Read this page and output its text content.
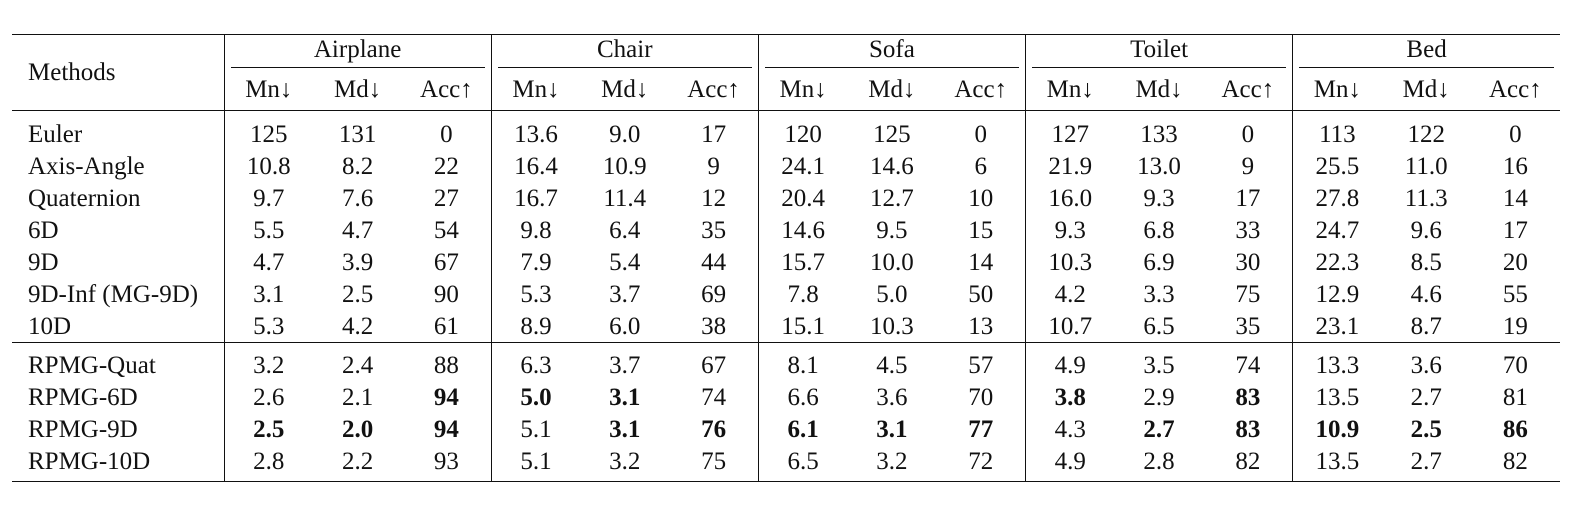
Methods	Airplane			Chair			Sofa			Toilet			Bed		

	Mn↓	Md↓	Acc↑	Mn↓	Md↓	Acc↑	Mn↓	Md↓	Acc↑	Mn↓	Md↓	Acc↑	Mn↓	Md↓	Acc↑
Euler	125	131	0	13.6	9.0	17	120	125	0	127	133	0	113	122	0
Axis-Angle	10.8	8.2	22	16.4	10.9	9	24.1	14.6	6	21.9	13.0	9	25.5	11.0	16
Quaternion	9.7	7.6	27	16.7	11.4	12	20.4	12.7	10	16.0	9.3	17	27.8	11.3	14
6D	5.5	4.7	54	9.8	6.4	35	14.6	9.5	15	9.3	6.8	33	24.7	9.6	17
9D	4.7	3.9	67	7.9	5.4	44	15.7	10.0	14	10.3	6.9	30	22.3	8.5	20
9D-Inf (MG-9D)	3.1	2.5	90	5.3	3.7	69	7.8	5.0	50	4.2	3.3	75	12.9	4.6	55
10D	5.3	4.2	61	8.9	6.0	38	15.1	10.3	13	10.7	6.5	35	23.1	8.7	19
RPMG-Quat	3.2	2.4	88	6.3	3.7	67	8.1	4.5	57	4.9	3.5	74	13.3	3.6	70
RPMG-6D	2.6	2.1	94	5.0	3.1	74	6.6	3.6	70	3.8	2.9	83	13.5	2.7	81
RPMG-9D	2.5	2.0	94	5.1	3.1	76	6.1	3.1	77	4.3	2.7	83	10.9	2.5	86
RPMG-10D	2.8	2.2	93	5.1	3.2	75	6.5	3.2	72	4.9	2.8	82	13.5	2.7	82
